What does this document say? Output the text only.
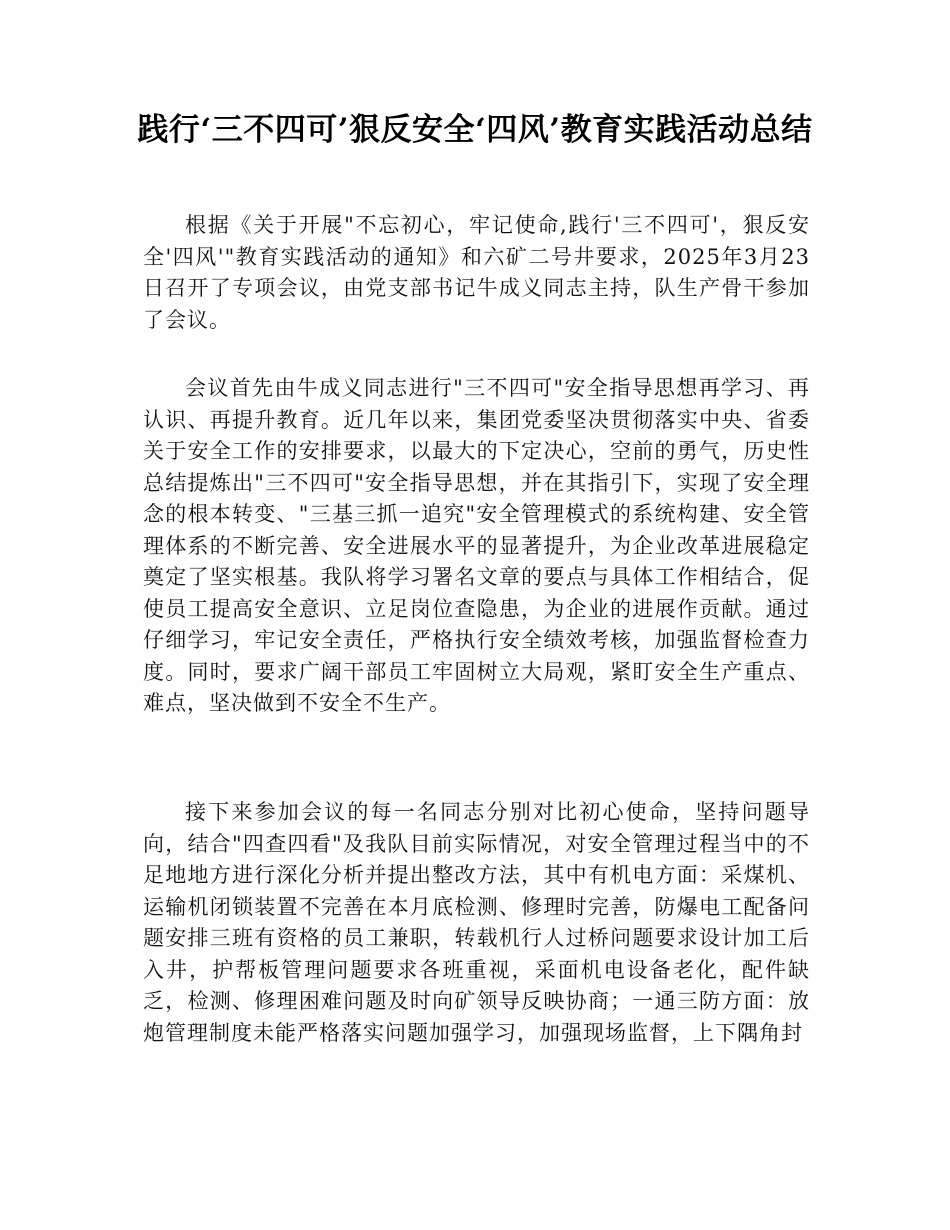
践行‘三不四可’狠反安全‘四风’教育实践活动总结

根据《关于开展"不忘初心，牢记使命,践行'三不四可'，狠反安全'四风'"教育实践活动的通知》和六矿二号井要求，2025年3月23日召开了专项会议，由党支部书记牛成义同志主持，队生产骨干参加了会议。

会议首先由牛成义同志进行"三不四可"安全指导思想再学习、再认识、再提升教育。近几年以来，集团党委坚决贯彻落实中央、省委关于安全工作的安排要求，以最大的下定决心，空前的勇气，历史性总结提炼出"三不四可"安全指导思想，并在其指引下，实现了安全理念的根本转变、"三基三抓一追究"安全管理模式的系统构建、安全管理体系的不断完善、安全进展水平的显著提升，为企业改革进展稳定奠定了坚实根基。我队将学习署名文章的要点与具体工作相结合，促使员工提高安全意识、立足岗位查隐患，为企业的进展作贡献。通过仔细学习，牢记安全责任，严格执行安全绩效考核，加强监督检查力度。同时，要求广阔干部员工牢固树立大局观，紧盯安全生产重点、难点，坚决做到不安全不生产。

接下来参加会议的每一名同志分别对比初心使命，坚持问题导向，结合"四查四看"及我队目前实际情况，对安全管理过程当中的不足地地方进行深化分析并提出整改方法，其中有机电方面：采煤机、运输机闭锁装置不完善在本月底检测、修理时完善，防爆电工配备问题安排三班有资格的员工兼职，转载机行人过桥问题要求设计加工后入井，护帮板管理问题要求各班重视，采面机电设备老化，配件缺乏，检测、修理困难问题及时向矿领导反映协商；一通三防方面：放炮管理制度未能严格落实问题加强学习，加强现场监督，上下隅角封
